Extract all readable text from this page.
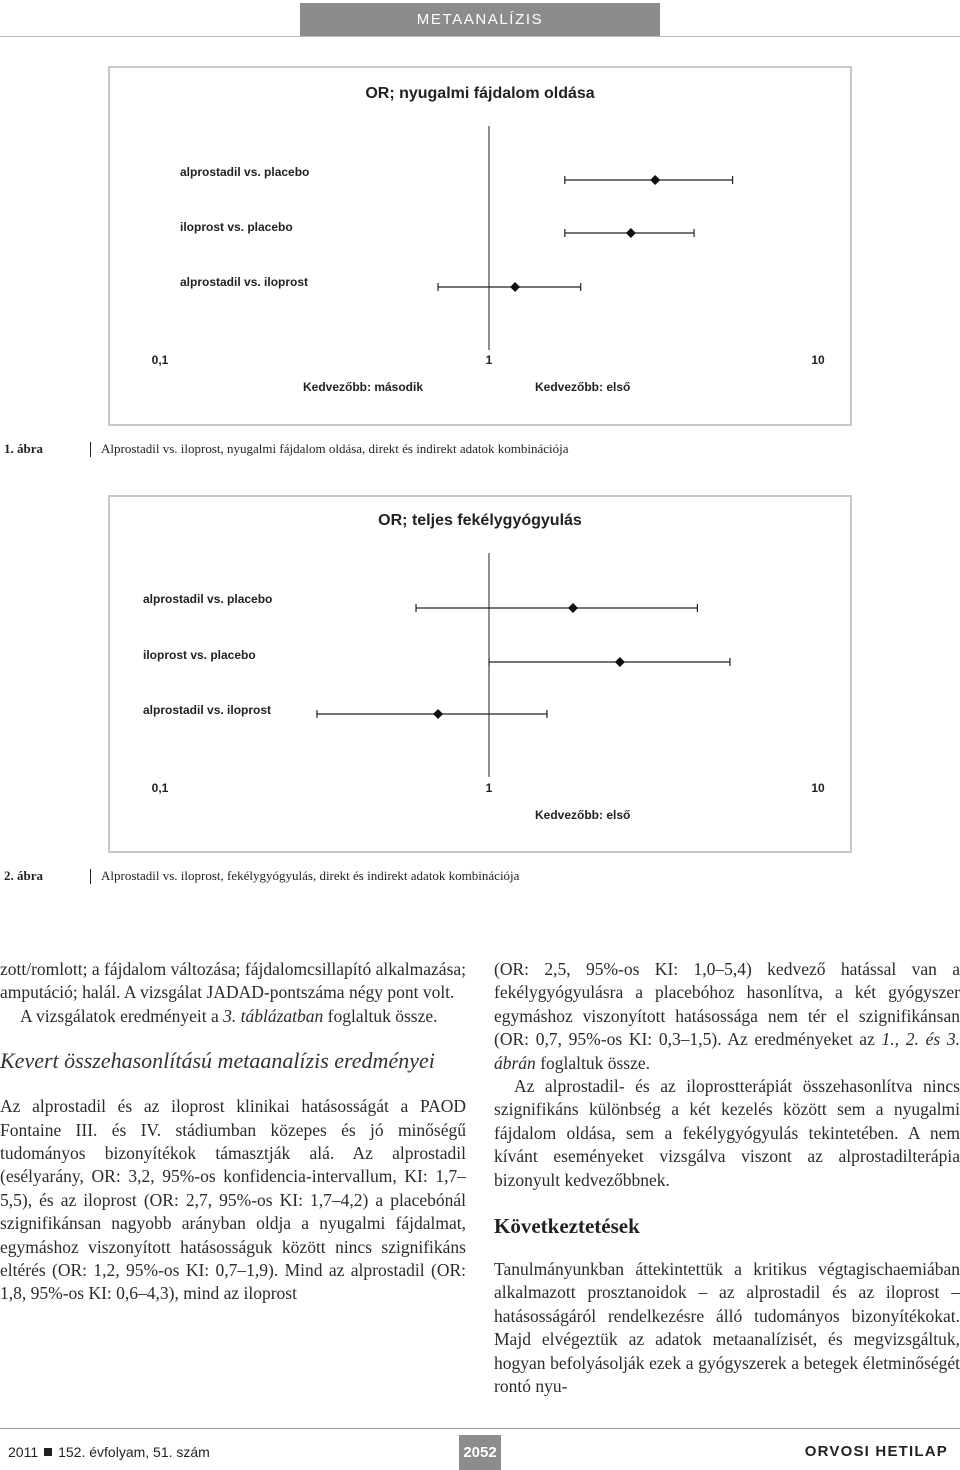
METAANALÍZIS
OR; nyugalmi fájdalom oldása
0,1	1	10
Kedvezőbb: második	Kedvezőbb: első
alprostadil vs. placebo
iloprost vs. placebo
alprostadil vs. iloprost
1. ábra	Alprostadil vs. iloprost, nyugalmi fájdalom oldása, direkt és indirekt adatok kombinációja
OR; teljes fekélygyógyulás
0,1	1	10
Kedvezőbb: első
alprostadil vs. placebo
iloprost vs. placebo
alprostadil vs. iloprost
2. ábra	Alprostadil vs. iloprost, fekélygyógyulás, direkt és indirekt adatok kombinációja

zott/romlott; a fájdalom változása; fájdalomcsillapító alkalmazása; amputáció; halál. A vizsgálat JADAD-pontszáma négy pont volt.

A vizsgálatok eredményeit a 3. táblázatban foglaltuk össze.

Kevert összehasonlítású metaanalízis eredményei

Az alprostadil és az iloprost klinikai hatásosságát a PAOD Fontaine III. és IV. stádiumban közepes és jó minőségű tudományos bizonyítékok támasztják alá. Az alprostadil (esélyarány, OR: 3,2, 95%-os konfidencia-intervallum, KI: 1,7–5,5), és az iloprost (OR: 2,7, 95%-os KI: 1,7–4,2) a placebónál szignifikánsan nagyobb arányban oldja a nyugalmi fájdalmat, egymáshoz viszonyított hatásosságuk között nincs szignifikáns eltérés (OR: 1,2, 95%-os KI: 0,7–1,9). Mind az alprostadil (OR: 1,8, 95%-os KI: 0,6–4,3), mind az iloprost

(OR: 2,5, 95%-os KI: 1,0–5,4) kedvező hatással van a fekélygyógyulásra a placebóhoz hasonlítva, a két gyógyszer egymáshoz viszonyított hatásossága nem tér el szignifikánsan (OR: 0,7, 95%-os KI: 0,3–1,5). Az eredményeket az 1., 2. és 3. ábrán foglaltuk össze.

Az alprostadil- és az iloprostterápiát összehasonlítva nincs szignifikáns különbség a két kezelés között sem a nyugalmi fájdalom oldása, sem a fekélygyógyulás tekintetében. A nem kívánt eseményeket vizsgálva viszont az alprostadilterápia bizonyult kedvezőbbnek.

Következtetések

Tanulmányunkban áttekintettük a kritikus végtagischaemiában alkalmazott prosztanoidok – az alprostadil és az iloprost – hatásosságáról rendelkezésre álló tudományos bizonyítékokat. Majd elvégeztük az adatok metaanalízisét, és megvizsgáltuk, hogyan befolyásolják ezek a gyógyszerek a betegek életminőségét rontó nyu-

2011 152. évfolyam, 51. szám	2052	ORVOSI HETILAP
